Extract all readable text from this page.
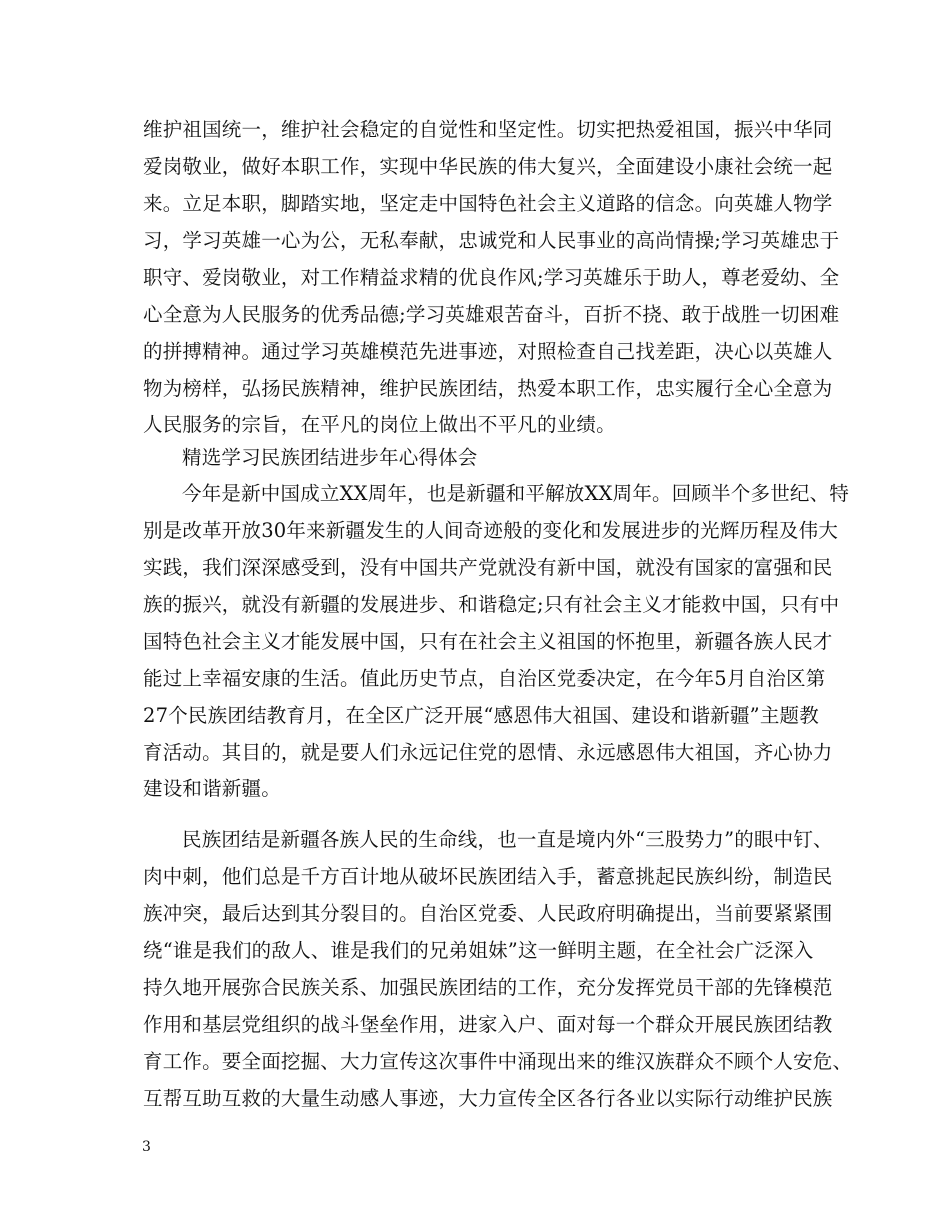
维护祖国统一，维护社会稳定的自觉性和坚定性。切实把热爱祖国，振兴中华同
爱岗敬业，做好本职工作，实现中华民族的伟大复兴，全面建设小康社会统一起
来。立足本职，脚踏实地，坚定走中国特色社会主义道路的信念。向英雄人物学
习，学习英雄一心为公，无私奉献，忠诚党和人民事业的高尚情操;学习英雄忠于
职守、爱岗敬业，对工作精益求精的优良作风;学习英雄乐于助人，尊老爱幼、全
心全意为人民服务的优秀品德;学习英雄艰苦奋斗，百折不挠、敢于战胜一切困难
的拼搏精神。通过学习英雄模范先进事迹，对照检查自己找差距，决心以英雄人
物为榜样，弘扬民族精神，维护民族团结，热爱本职工作，忠实履行全心全意为
人民服务的宗旨，在平凡的岗位上做出不平凡的业绩。
精选学习民族团结进步年心得体会
今年是新中国成立XX周年，也是新疆和平解放XX周年。回顾半个多世纪、特
别是改革开放30年来新疆发生的人间奇迹般的变化和发展进步的光辉历程及伟大
实践，我们深深感受到，没有中国共产党就没有新中国，就没有国家的富强和民
族的振兴，就没有新疆的发展进步、和谐稳定;只有社会主义才能救中国，只有中
国特色社会主义才能发展中国，只有在社会主义祖国的怀抱里，新疆各族人民才
能过上幸福安康的生活。值此历史节点，自治区党委决定，在今年5月自治区第
27个民族团结教育月，在全区广泛开展“感恩伟大祖国、建设和谐新疆”主题教
育活动。其目的，就是要人们永远记住党的恩情、永远感恩伟大祖国，齐心协力
建设和谐新疆。
民族团结是新疆各族人民的生命线，也一直是境内外“三股势力”的眼中钉、
肉中刺，他们总是千方百计地从破坏民族团结入手，蓄意挑起民族纠纷，制造民
族冲突，最后达到其分裂目的。自治区党委、人民政府明确提出，当前要紧紧围
绕“谁是我们的敌人、谁是我们的兄弟姐妹”这一鲜明主题，在全社会广泛深入
持久地开展弥合民族关系、加强民族团结的工作，充分发挥党员干部的先锋模范
作用和基层党组织的战斗堡垒作用，进家入户、面对每一个群众开展民族团结教
育工作。要全面挖掘、大力宣传这次事件中涌现出来的维汉族群众不顾个人安危、
互帮互助互救的大量生动感人事迹，大力宣传全区各行各业以实际行动维护民族
3
